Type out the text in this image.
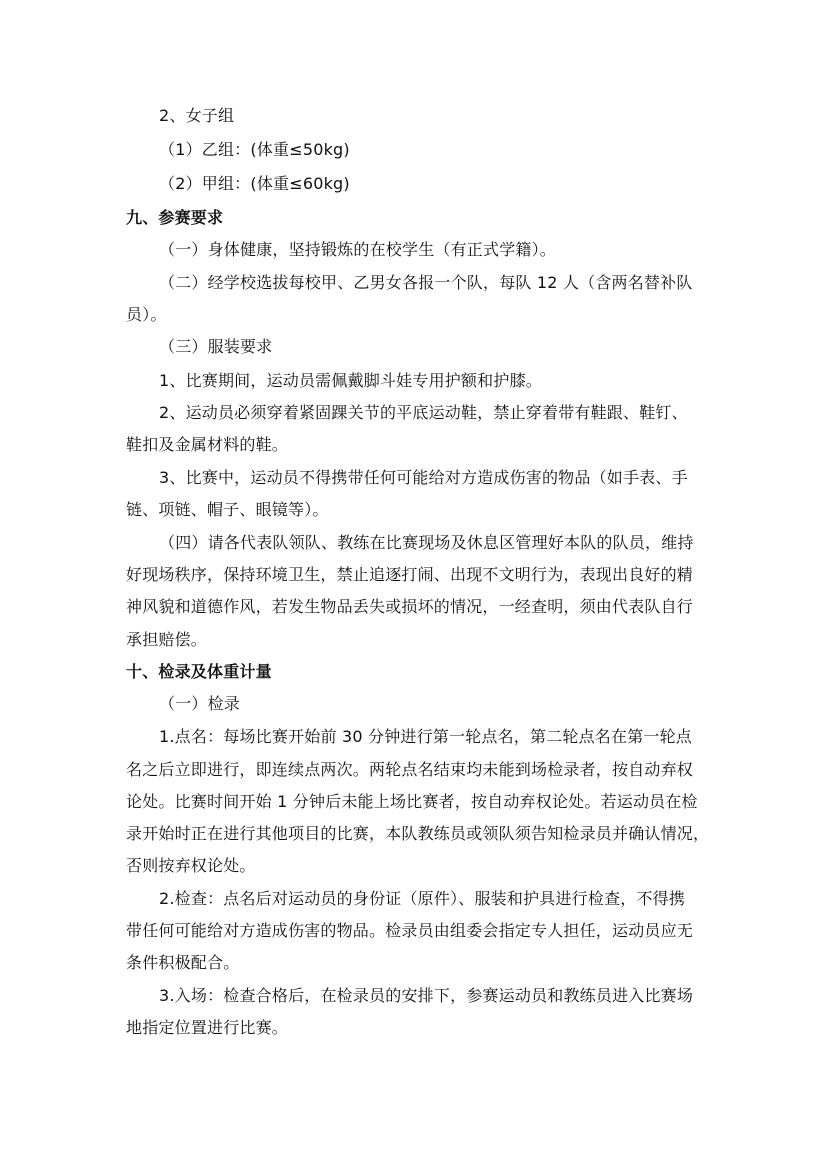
2、女子组
（1）乙组：(体重≤50kg)
（2）甲组：(体重≤60kg)
九、参赛要求
（一）身体健康，坚持锻炼的在校学生（有正式学籍）。
（二）经学校选拔每校甲、乙男女各报一个队，每队 12 人（含两名替补队
员）。
（三）服装要求
1、比赛期间，运动员需佩戴脚斗娃专用护额和护膝。
2、运动员必须穿着紧固踝关节的平底运动鞋，禁止穿着带有鞋跟、鞋钉、
鞋扣及金属材料的鞋。
3、比赛中，运动员不得携带任何可能给对方造成伤害的物品（如手表、手
链、项链、帽子、眼镜等）。
（四）请各代表队领队、教练在比赛现场及休息区管理好本队的队员，维持
好现场秩序，保持环境卫生，禁止追逐打闹、出现不文明行为，表现出良好的精
神风貌和道德作风，若发生物品丢失或损坏的情况，一经查明，须由代表队自行
承担赔偿。
十、检录及体重计量
（一）检录
1.点名：每场比赛开始前 30 分钟进行第一轮点名，第二轮点名在第一轮点
名之后立即进行，即连续点两次。两轮点名结束均未能到场检录者，按自动弃权
论处。比赛时间开始 1 分钟后未能上场比赛者，按自动弃权论处。若运动员在检
录开始时正在进行其他项目的比赛，本队教练员或领队须告知检录员并确认情况，
否则按弃权论处。
2.检查：点名后对运动员的身份证（原件）、服装和护具进行检查，不得携
带任何可能给对方造成伤害的物品。检录员由组委会指定专人担任，运动员应无
条件积极配合。
3.入场：检查合格后，在检录员的安排下，参赛运动员和教练员进入比赛场
地指定位置进行比赛。
